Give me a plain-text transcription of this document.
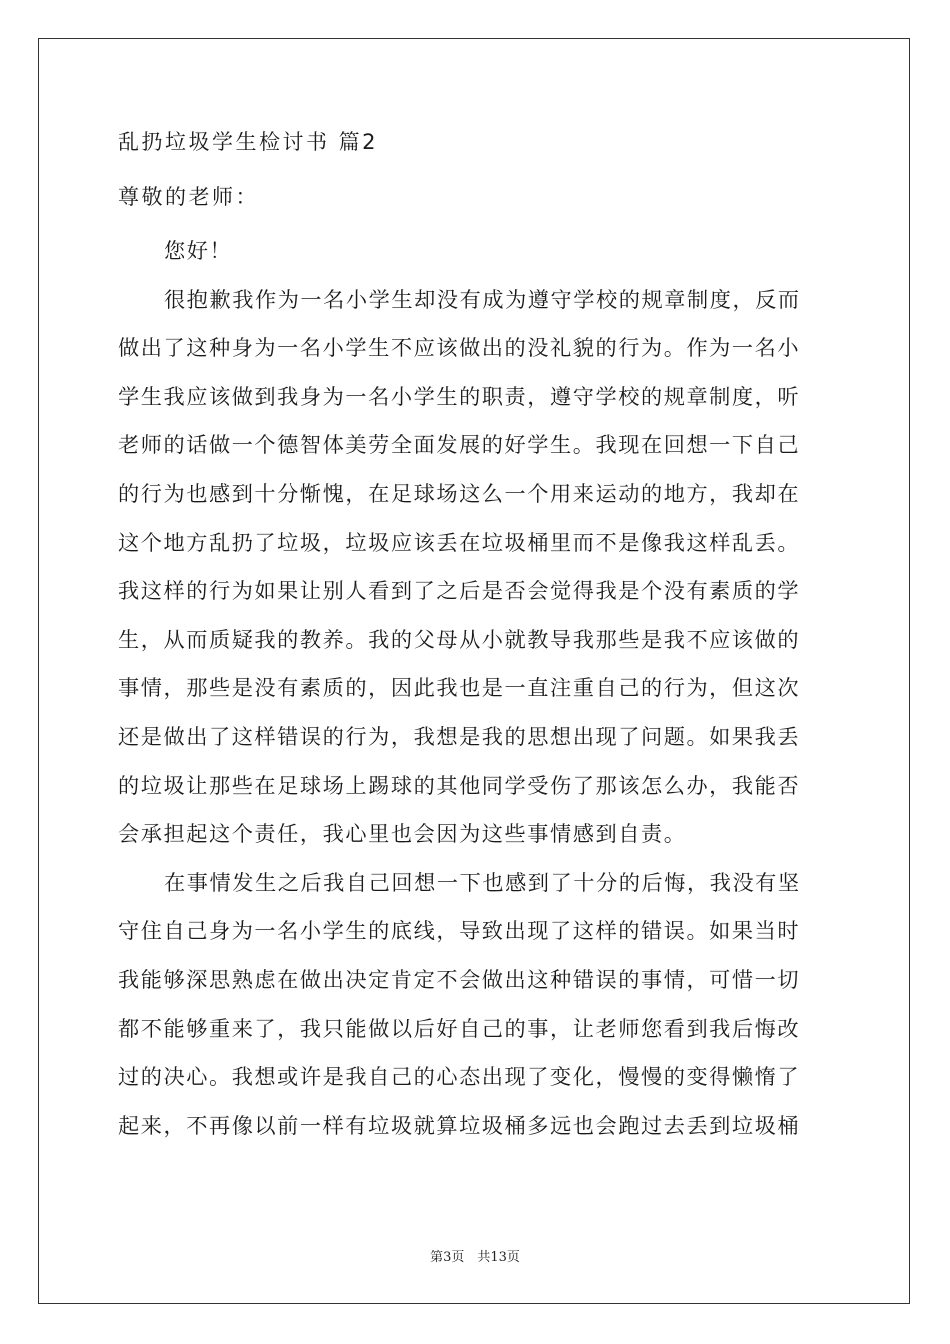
乱扔垃圾学生检讨书 篇2
尊敬的老师：
您好！
很抱歉我作为一名小学生却没有成为遵守学校的规章制度，反而
做出了这种身为一名小学生不应该做出的没礼貌的行为。作为一名小
学生我应该做到我身为一名小学生的职责，遵守学校的规章制度，听
老师的话做一个德智体美劳全面发展的好学生。我现在回想一下自己
的行为也感到十分惭愧，在足球场这么一个用来运动的地方，我却在
这个地方乱扔了垃圾，垃圾应该丢在垃圾桶里而不是像我这样乱丢。
我这样的行为如果让别人看到了之后是否会觉得我是个没有素质的学
生，从而质疑我的教养。我的父母从小就教导我那些是我不应该做的
事情，那些是没有素质的，因此我也是一直注重自己的行为，但这次
还是做出了这样错误的行为，我想是我的思想出现了问题。如果我丢
的垃圾让那些在足球场上踢球的其他同学受伤了那该怎么办，我能否
会承担起这个责任，我心里也会因为这些事情感到自责。
在事情发生之后我自己回想一下也感到了十分的后悔，我没有坚
守住自己身为一名小学生的底线，导致出现了这样的错误。如果当时
我能够深思熟虑在做出决定肯定不会做出这种错误的事情，可惜一切
都不能够重来了，我只能做以后好自己的事，让老师您看到我后悔改
过的决心。我想或许是我自己的心态出现了变化，慢慢的变得懒惰了
起来，不再像以前一样有垃圾就算垃圾桶多远也会跑过去丢到垃圾桶
第3页　共13页
